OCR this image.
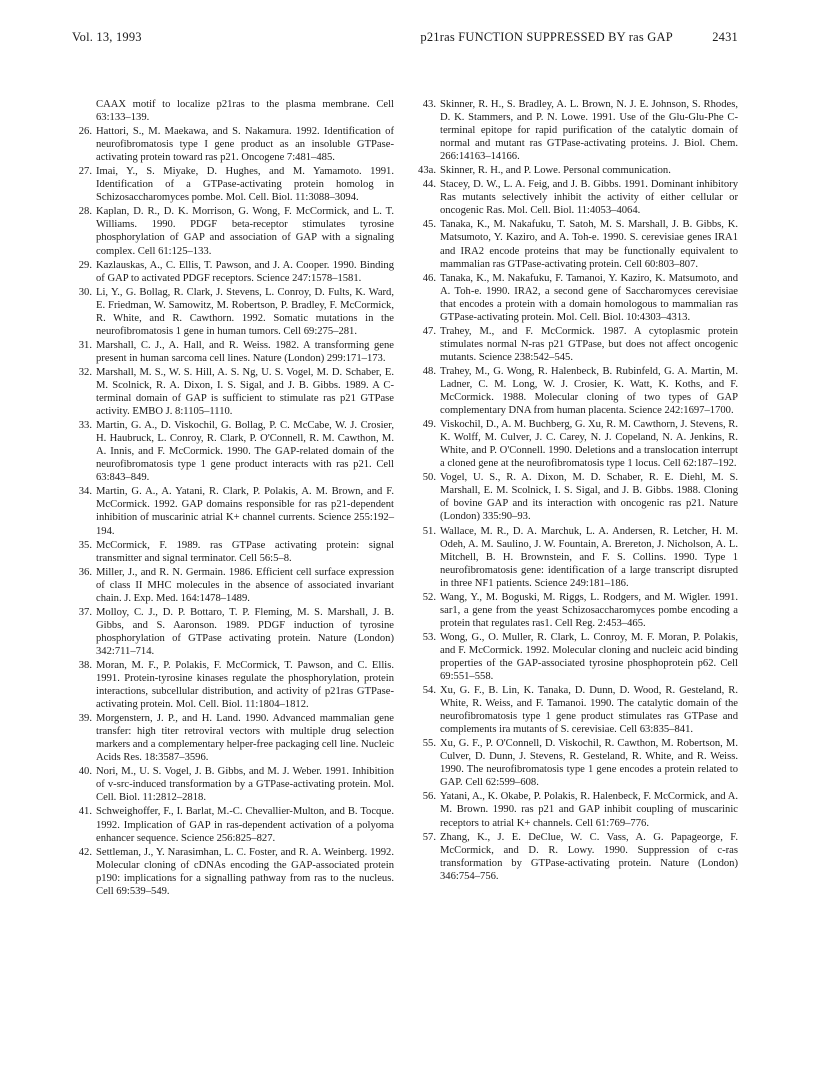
Vol. 13, 1993	p21ras FUNCTION SUPPRESSED BY ras GAP	2431
CAAX motif to localize p21ras to the plasma membrane. Cell 63:133–139.
26. Hattori, S., M. Maekawa, and S. Nakamura. 1992. Identification of neurofibromatosis type I gene product as an insoluble GTPase-activating protein toward ras p21. Oncogene 7:481–485.
27. Imai, Y., S. Miyake, D. Hughes, and M. Yamamoto. 1991. Identification of a GTPase-activating protein homolog in Schizosaccharomyces pombe. Mol. Cell. Biol. 11:3088–3094.
28. Kaplan, D. R., D. K. Morrison, G. Wong, F. McCormick, and L. T. Williams. 1990. PDGF beta-receptor stimulates tyrosine phosphorylation of GAP and association of GAP with a signaling complex. Cell 61:125–133.
29. Kazlauskas, A., C. Ellis, T. Pawson, and J. A. Cooper. 1990. Binding of GAP to activated PDGF receptors. Science 247:1578–1581.
30. Li, Y., G. Bollag, R. Clark, J. Stevens, L. Conroy, D. Fults, K. Ward, E. Friedman, W. Samowitz, M. Robertson, P. Bradley, F. McCormick, R. White, and R. Cawthorn. 1992. Somatic mutations in the neurofibromatosis 1 gene in human tumors. Cell 69:275–281.
31. Marshall, C. J., A. Hall, and R. Weiss. 1982. A transforming gene present in human sarcoma cell lines. Nature (London) 299:171–173.
32. Marshall, M. S., W. S. Hill, A. S. Ng, U. S. Vogel, M. D. Schaber, E. M. Scolnick, R. A. Dixon, I. S. Sigal, and J. B. Gibbs. 1989. A C-terminal domain of GAP is sufficient to stimulate ras p21 GTPase activity. EMBO J. 8:1105–1110.
33. Martin, G. A., D. Viskochil, G. Bollag, P. C. McCabe, W. J. Crosier, H. Haubruck, L. Conroy, R. Clark, P. O'Connell, R. M. Cawthon, M. A. Innis, and F. McCormick. 1990. The GAP-related domain of the neurofibromatosis type 1 gene product interacts with ras p21. Cell 63:843–849.
34. Martin, G. A., A. Yatani, R. Clark, P. Polakis, A. M. Brown, and F. McCormick. 1992. GAP domains responsible for ras p21-dependent inhibition of muscarinic atrial K+ channel currents. Science 255:192–194.
35. McCormick, F. 1989. ras GTPase activating protein: signal transmitter and signal terminator. Cell 56:5–8.
36. Miller, J., and R. N. Germain. 1986. Efficient cell surface expression of class II MHC molecules in the absence of associated invariant chain. J. Exp. Med. 164:1478–1489.
37. Molloy, C. J., D. P. Bottaro, T. P. Fleming, M. S. Marshall, J. B. Gibbs, and S. Aaronson. 1989. PDGF induction of tyrosine phosphorylation of GTPase activating protein. Nature (London) 342:711–714.
38. Moran, M. F., P. Polakis, F. McCormick, T. Pawson, and C. Ellis. 1991. Protein-tyrosine kinases regulate the phosphorylation, protein interactions, subcellular distribution, and activity of p21ras GTPase-activating protein. Mol. Cell. Biol. 11:1804–1812.
39. Morgenstern, J. P., and H. Land. 1990. Advanced mammalian gene transfer: high titer retroviral vectors with multiple drug selection markers and a complementary helper-free packaging cell line. Nucleic Acids Res. 18:3587–3596.
40. Nori, M., U. S. Vogel, J. B. Gibbs, and M. J. Weber. 1991. Inhibition of v-src-induced transformation by a GTPase-activating protein. Mol. Cell. Biol. 11:2812–2818.
41. Schweighoffer, F., I. Barlat, M.-C. Chevallier-Multon, and B. Tocque. 1992. Implication of GAP in ras-dependent activation of a polyoma enhancer sequence. Science 256:825–827.
42. Settleman, J., Y. Narasimhan, L. C. Foster, and R. A. Weinberg. 1992. Molecular cloning of cDNAs encoding the GAP-associated protein p190: implications for a signalling pathway from ras to the nucleus. Cell 69:539–549.
43. Skinner, R. H., S. Bradley, A. L. Brown, N. J. E. Johnson, S. Rhodes, D. K. Stammers, and P. N. Lowe. 1991. Use of the Glu-Glu-Phe C-terminal epitope for rapid purification of the catalytic domain of normal and mutant ras GTPase-activating proteins. J. Biol. Chem. 266:14163–14166.
43a. Skinner, R. H., and P. Lowe. Personal communication.
44. Stacey, D. W., L. A. Feig, and J. B. Gibbs. 1991. Dominant inhibitory Ras mutants selectively inhibit the activity of either cellular or oncogenic Ras. Mol. Cell. Biol. 11:4053–4064.
45. Tanaka, K., M. Nakafuku, T. Satoh, M. S. Marshall, J. B. Gibbs, K. Matsumoto, Y. Kaziro, and A. Toh-e. 1990. S. cerevisiae genes IRA1 and IRA2 encode proteins that may be functionally equivalent to mammalian ras GTPase-activating protein. Cell 60:803–807.
46. Tanaka, K., M. Nakafuku, F. Tamanoi, Y. Kaziro, K. Matsumoto, and A. Toh-e. 1990. IRA2, a second gene of Saccharomyces cerevisiae that encodes a protein with a domain homologous to mammalian ras GTPase-activating protein. Mol. Cell. Biol. 10:4303–4313.
47. Trahey, M., and F. McCormick. 1987. A cytoplasmic protein stimulates normal N-ras p21 GTPase, but does not affect oncogenic mutants. Science 238:542–545.
48. Trahey, M., G. Wong, R. Halenbeck, B. Rubinfeld, G. A. Martin, M. Ladner, C. M. Long, W. J. Crosier, K. Watt, K. Koths, and F. McCormick. 1988. Molecular cloning of two types of GAP complementary DNA from human placenta. Science 242:1697–1700.
49. Viskochil, D., A. M. Buchberg, G. Xu, R. M. Cawthorn, J. Stevens, R. K. Wolff, M. Culver, J. C. Carey, N. J. Copeland, N. A. Jenkins, R. White, and P. O'Connell. 1990. Deletions and a translocation interrupt a cloned gene at the neurofibromatosis type 1 locus. Cell 62:187–192.
50. Vogel, U. S., R. A. Dixon, M. D. Schaber, R. E. Diehl, M. S. Marshall, E. M. Scolnick, I. S. Sigal, and J. B. Gibbs. 1988. Cloning of bovine GAP and its interaction with oncogenic ras p21. Nature (London) 335:90–93.
51. Wallace, M. R., D. A. Marchuk, L. A. Andersen, R. Letcher, H. M. Odeh, A. M. Saulino, J. W. Fountain, A. Brereton, J. Nicholson, A. L. Mitchell, B. H. Brownstein, and F. S. Collins. 1990. Type 1 neurofibromatosis gene: identification of a large transcript disrupted in three NF1 patients. Science 249:181–186.
52. Wang, Y., M. Boguski, M. Riggs, L. Rodgers, and M. Wigler. 1991. sar1, a gene from the yeast Schizosaccharomyces pombe encoding a protein that regulates ras1. Cell Reg. 2:453–465.
53. Wong, G., O. Muller, R. Clark, L. Conroy, M. F. Moran, P. Polakis, and F. McCormick. 1992. Molecular cloning and nucleic acid binding properties of the GAP-associated tyrosine phosphoprotein p62. Cell 69:551–558.
54. Xu, G. F., B. Lin, K. Tanaka, D. Dunn, D. Wood, R. Gesteland, R. White, R. Weiss, and F. Tamanoi. 1990. The catalytic domain of the neurofibromatosis type 1 gene product stimulates ras GTPase and complements ira mutants of S. cerevisiae. Cell 63:835–841.
55. Xu, G. F., P. O'Connell, D. Viskochil, R. Cawthon, M. Robertson, M. Culver, D. Dunn, J. Stevens, R. Gesteland, R. White, and R. Weiss. 1990. The neurofibromatosis type 1 gene encodes a protein related to GAP. Cell 62:599–608.
56. Yatani, A., K. Okabe, P. Polakis, R. Halenbeck, F. McCormick, and A. M. Brown. 1990. ras p21 and GAP inhibit coupling of muscarinic receptors to atrial K+ channels. Cell 61:769–776.
57. Zhang, K., J. E. DeClue, W. C. Vass, A. G. Papageorge, F. McCormick, and D. R. Lowy. 1990. Suppression of c-ras transformation by GTPase-activating protein. Nature (London) 346:754–756.
